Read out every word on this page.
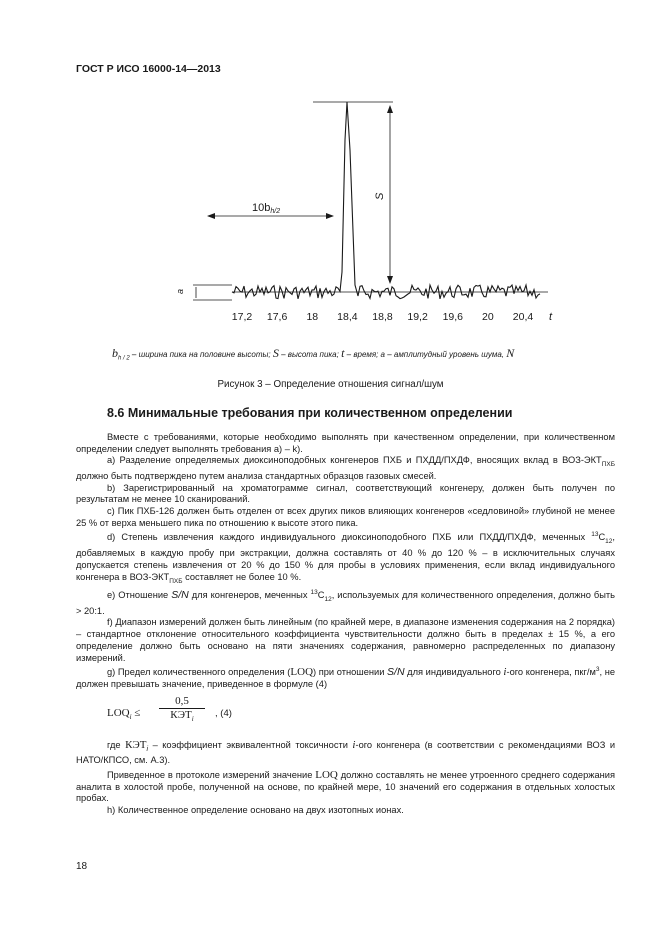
ГОСТ Р ИСО 16000-14—2013
10bh/2
S
a
17,2 17,6 18 18,4 18,8 19,2 19,6 20 20,4 t
$b_{h / 2}$ – ширина пика на половине высоты; S – высота пика; t – время; a – амплитудный уровень шума, N
Рисунок 3 – Определение отношения сигнал/шум
8.6 Минимальные требования при количественном определении

Вместе с требованиями, которые необходимо выполнять при качественном определении, при количественном определении следует выполнять требования а) – k).

а) Разделение определяемых диоксиноподобных конгенеров ПХБ и ПХДД/ПХДФ, вносящих вклад в ВОЗ-$ЭКТ_{ПХБ}$ должно быть подтверждено путем анализа стандартных образцов газовых смесей.

b) Зарегистрированный на хроматограмме сигнал, соответствующий конгенеру, должен быть получен по результатам не менее 10 сканирований.

c) Пик ПХБ-126 должен быть отделен от всех других пиков влияющих конгенеров «седловиной» глубиной не менее 25 % от верха меньшего пика по отношению к высоте этого пика.

d) Степень извлечения каждого индивидуального диоксиноподобного ПХБ или ПХДД/ПХДФ, меченных $^{13}C_{12}$, добавляемых в каждую пробу при экстракции, должна составлять от 40 % до 120 % – в исключительных случаях допускается степень извлечения от 20 % до 150 % для пробы в условиях применения, если вклад индивидуального конгенера в ВОЗ-$ЭКТ_{ПХБ}$ составляет не более 10 %.

e) Отношение S/N для конгенеров, меченных $^{13}C_{12}$, используемых для количественного определения, должно быть > 20:1.

f) Диапазон измерений должен быть линейным (по крайней мере, в диапазоне изменения содержания на 2 порядка) – стандартное отклонение относительного коэффициента чувствительности должно быть в пределах ± 15 %, а его определение должно быть основано на пяти значениях содержания, равномерно распределенных по диапазону измерений.

g) Предел количественного определения (LOQ) при отношении S/N для индивидуального i-ого конгенера, пкг/$м^3$, не должен превышать значение, приведенное в формуле (4)

$LOQ_i$ ≤
0,5
$КЭТ_i$
, (4)

где $КЭТ_i$ – коэффициент эквивалентной токсичности i-ого конгенера (в соответствии с рекомендациями ВОЗ и НАТО/КПСО, см. А.3).

Приведенное в протоколе измерений значение LOQ должно составлять не менее утроенного среднего содержания аналита в холостой пробе, полученной на основе, по крайней мере, 10 значений его содержания в отдельных холостых пробах.

h) Количественное определение основано на двух изотопных ионах.

18
